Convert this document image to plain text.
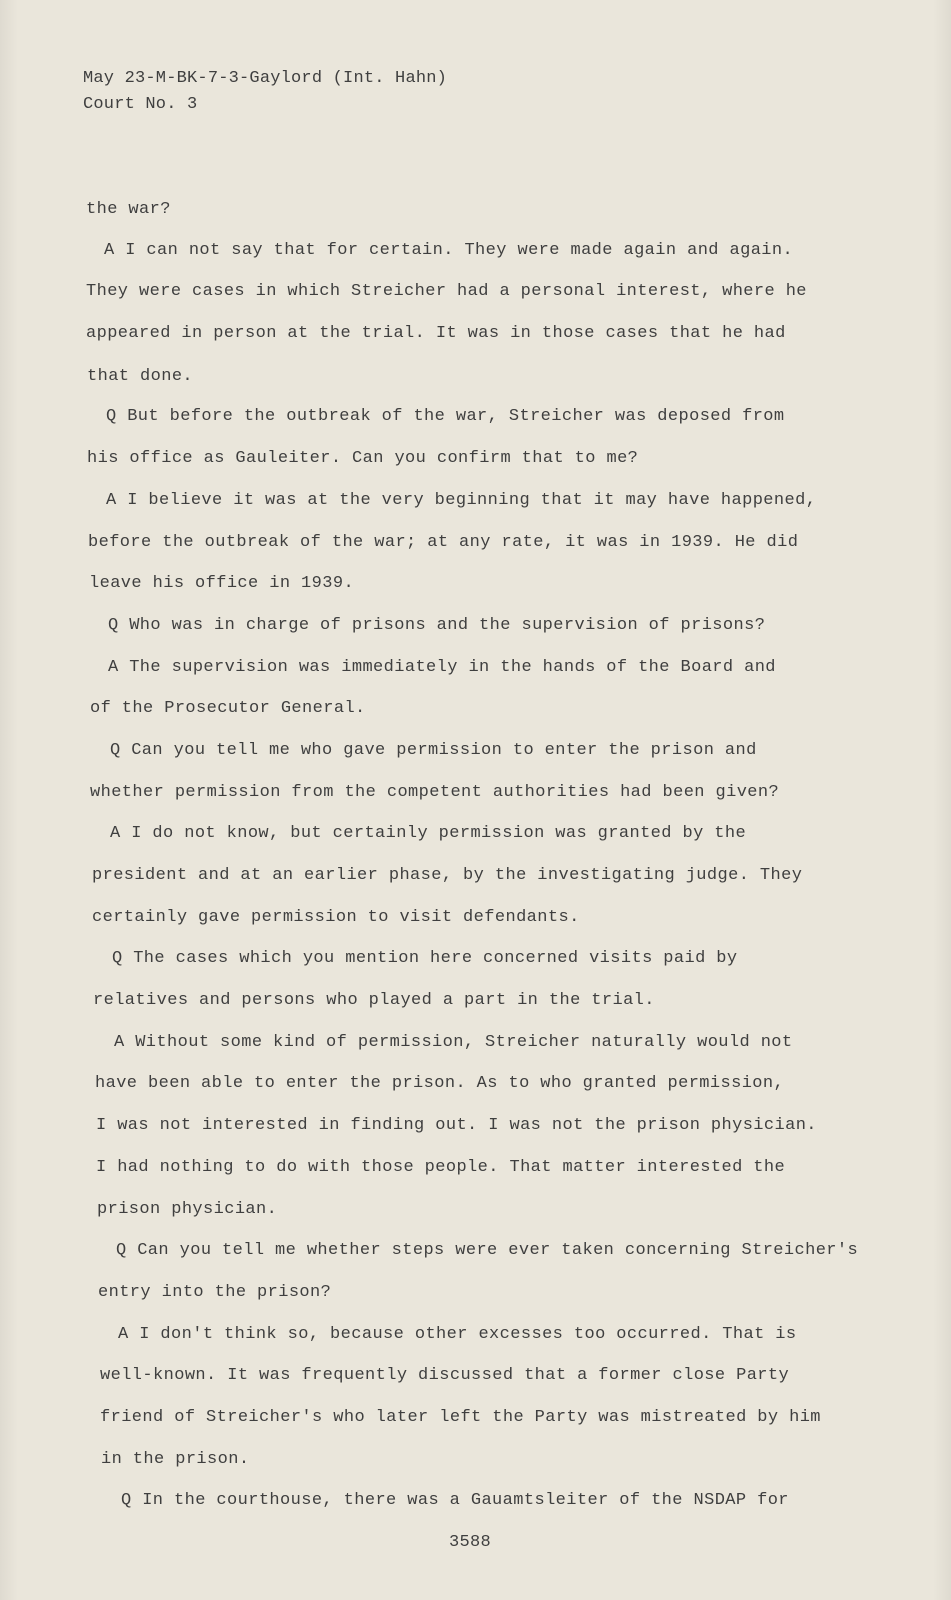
May 23-M-BK-7-3-Gaylord (Int. Hahn)
Court No. 3
the war?
A I can not say that for certain. They were made again and again.
They were cases in which Streicher had a personal interest, where he
appeared in person at the trial. It was in those cases that he had
that done.
Q But before the outbreak of the war, Streicher was deposed from
his office as Gauleiter. Can you confirm that to me?
A I believe it was at the very beginning that it may have happened,
before the outbreak of the war; at any rate, it was in 1939. He did
leave his office in 1939.
Q Who was in charge of prisons and the supervision of prisons?
A The supervision was immediately in the hands of the Board and
of the Prosecutor General.
Q Can you tell me who gave permission to enter the prison and
whether permission from the competent authorities had been given?
A I do not know, but certainly permission was granted by the
president and at an earlier phase, by the investigating judge. They
certainly gave permission to visit defendants.
Q The cases which you mention here concerned visits paid by
relatives and persons who played a part in the trial.
A Without some kind of permission, Streicher naturally would not
have been able to enter the prison. As to who granted permission,
I was not interested in finding out. I was not the prison physician.
I had nothing to do with those people. That matter interested the
prison physician.
Q Can you tell me whether steps were ever taken concerning Streicher's
entry into the prison?
A I don't think so, because other excesses too occurred. That is
well-known. It was frequently discussed that a former close Party
friend of Streicher's who later left the Party was mistreated by him
in the prison.
Q In the courthouse, there was a Gauamtsleiter of the NSDAP for
3588
